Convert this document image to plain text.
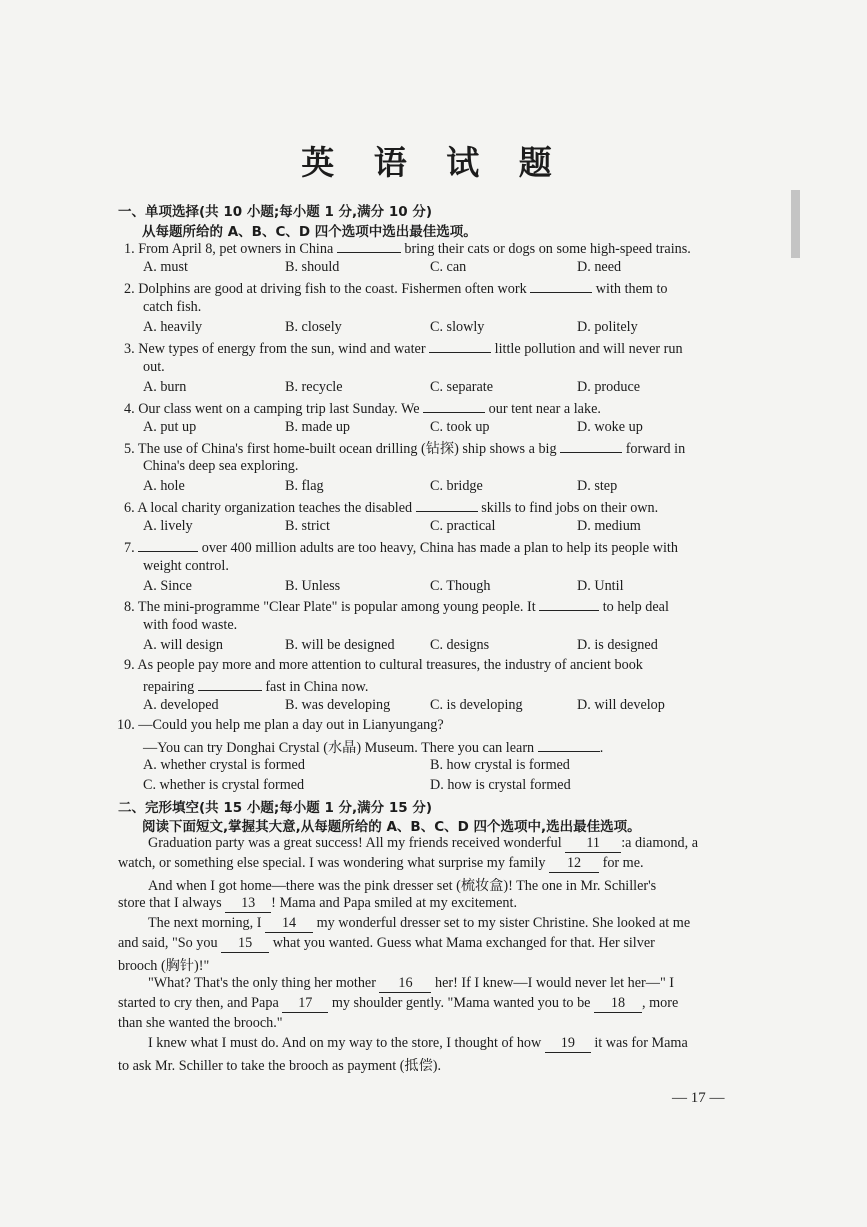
英 语 试 题
一、单项选择(共 10 小题;每小题 1 分,满分 10 分)
从每题所给的 A、B、C、D 四个选项中选出最佳选项。
1. From April 8, pet owners in China	bring their cats or dogs on some high-speed trains.
A. must	B. should	C. can	D. need
2. Dolphins are good at driving fish to the coast. Fishermen often work	with them to
catch fish.
A. heavily	B. closely	C. slowly	D. politely
3. New types of energy from the sun, wind and water	little pollution and will never run
out.
A. burn	B. recycle	C. separate	D. produce
4. Our class went on a camping trip last Sunday. We	our tent near a lake.
A. put up	B. made up	C. took up	D. woke up
5. The use of China's first home-built ocean drilling (钻探) ship shows a big	forward in
China's deep sea exploring.
A. hole	B. flag	C. bridge	D. step
6. A local charity organization teaches the disabled	skills to find jobs on their own.
A. lively	B. strict	C. practical	D. medium
7.	over 400 million adults are too heavy, China has made a plan to help its people with
weight control.
A. Since	B. Unless	C. Though	D. Until
8. The mini-programme "Clear Plate" is popular among young people. It	to help deal
with food waste.
A. will design	B. will be designed C. designs	D. is designed
9. As people pay more and more attention to cultural treasures, the industry of ancient book
repairing	fast in China now.
A. developed	B. was developing	C. is developing	D. will develop
10. —Could you help me plan a day out in Lianyungang?
—You can try Donghai Crystal (水晶) Museum. There you can learn	.
A. whether crystal is formed	B. how crystal is formed
C. whether is crystal formed	D. how is crystal formed
二、完形填空(共 15 小题;每小题 1 分,满分 15 分)
阅读下面短文,掌握其大意,从每题所给的 A、B、C、D 四个选项中,选出最佳选项。
Graduation party was a great success! All my friends received wonderful 11 :a diamond, a
watch, or something else special. I was wondering what surprise my family 12 for me.
And when I got home—there was the pink dresser set (梳妆盒)! The one in Mr. Schiller's
store that I always 13 ! Mama and Papa smiled at my excitement.
The next morning, I 14 my wonderful dresser set to my sister Christine. She looked at me
and said, "So you 15 what you wanted. Guess what Mama exchanged for that. Her silver
brooch (胸针)!"
"What? That's the only thing her mother 16 her! If I knew—I would never let her—" I
started to cry then, and Papa 17 my shoulder gently. "Mama wanted you to be 18 , more
than she wanted the brooch."
I knew what I must do. And on my way to the store, I thought of how 19 it was for Mama
to ask Mr. Schiller to take the brooch as payment (抵偿).
— 17 —
